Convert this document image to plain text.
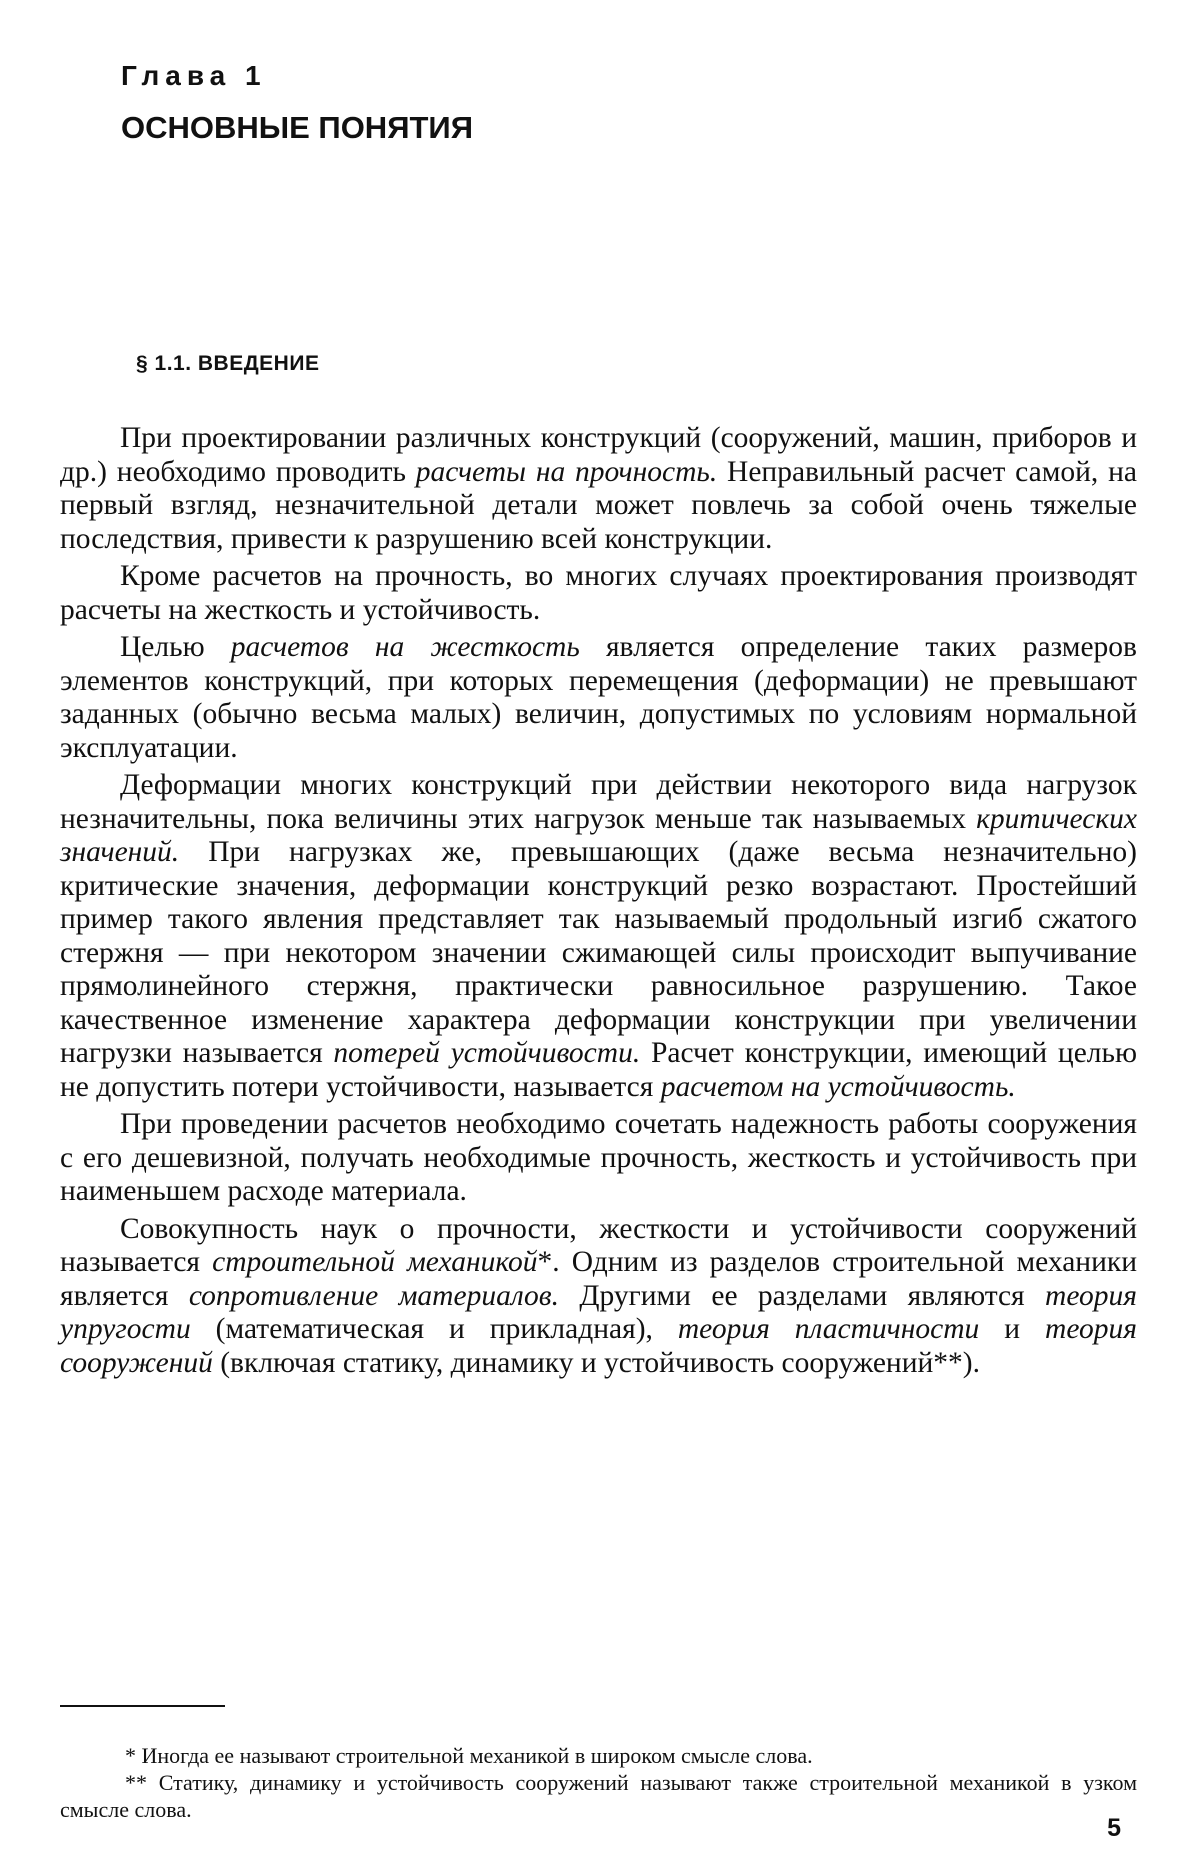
Глава 1
ОСНОВНЫЕ ПОНЯТИЯ
§ 1.1. ВВЕДЕНИЕ

При проектировании различных конструкций (сооружений, машин, приборов и др.) необходимо проводить расчеты на прочность. Неправильный расчет самой, на первый взгляд, незначительной детали может повлечь за собой очень тяжелые последствия, привести к разрушению всей конструкции.

Кроме расчетов на прочность, во многих случаях проектирования производят расчеты на жесткость и устойчивость.

Целью расчетов на жесткость является определение таких размеров элементов конструкций, при которых перемещения (деформации) не превышают заданных (обычно весьма малых) величин, допустимых по условиям нормальной эксплуатации.

Деформации многих конструкций при действии некоторого вида нагрузок незначительны, пока величины этих нагрузок меньше так называемых критических значений. При нагрузках же, превышающих (даже весьма незначительно) критические значения, деформации конструкций резко возрастают. Простейший пример такого явления представляет так называемый продольный изгиб сжатого стержня — при некотором значении сжимающей силы происходит выпучивание прямолинейного стержня, практически равносильное разрушению. Такое качественное изменение характера деформации конструкции при увеличении нагрузки называется потерей устойчивости. Расчет конструкции, имеющий целью не допустить потери устойчивости, называется расчетом на устойчивость.

При проведении расчетов необходимо сочетать надежность работы сооружения с его дешевизной, получать необходимые прочность, жесткость и устойчивость при наименьшем расходе материала.

Совокупность наук о прочности, жесткости и устойчивости сооружений называется строительной механикой*. Одним из разделов строительной механики является сопротивление материалов. Другими ее разделами являются теория упругости (математическая и прикладная), теория пластичности и теория сооружений (включая статику, динамику и устойчивость сооружений**).

* Иногда ее называют строительной механикой в широком смысле слова.

** Статику, динамику и устойчивость сооружений называют также строительной механикой в узком смысле слова.

5
